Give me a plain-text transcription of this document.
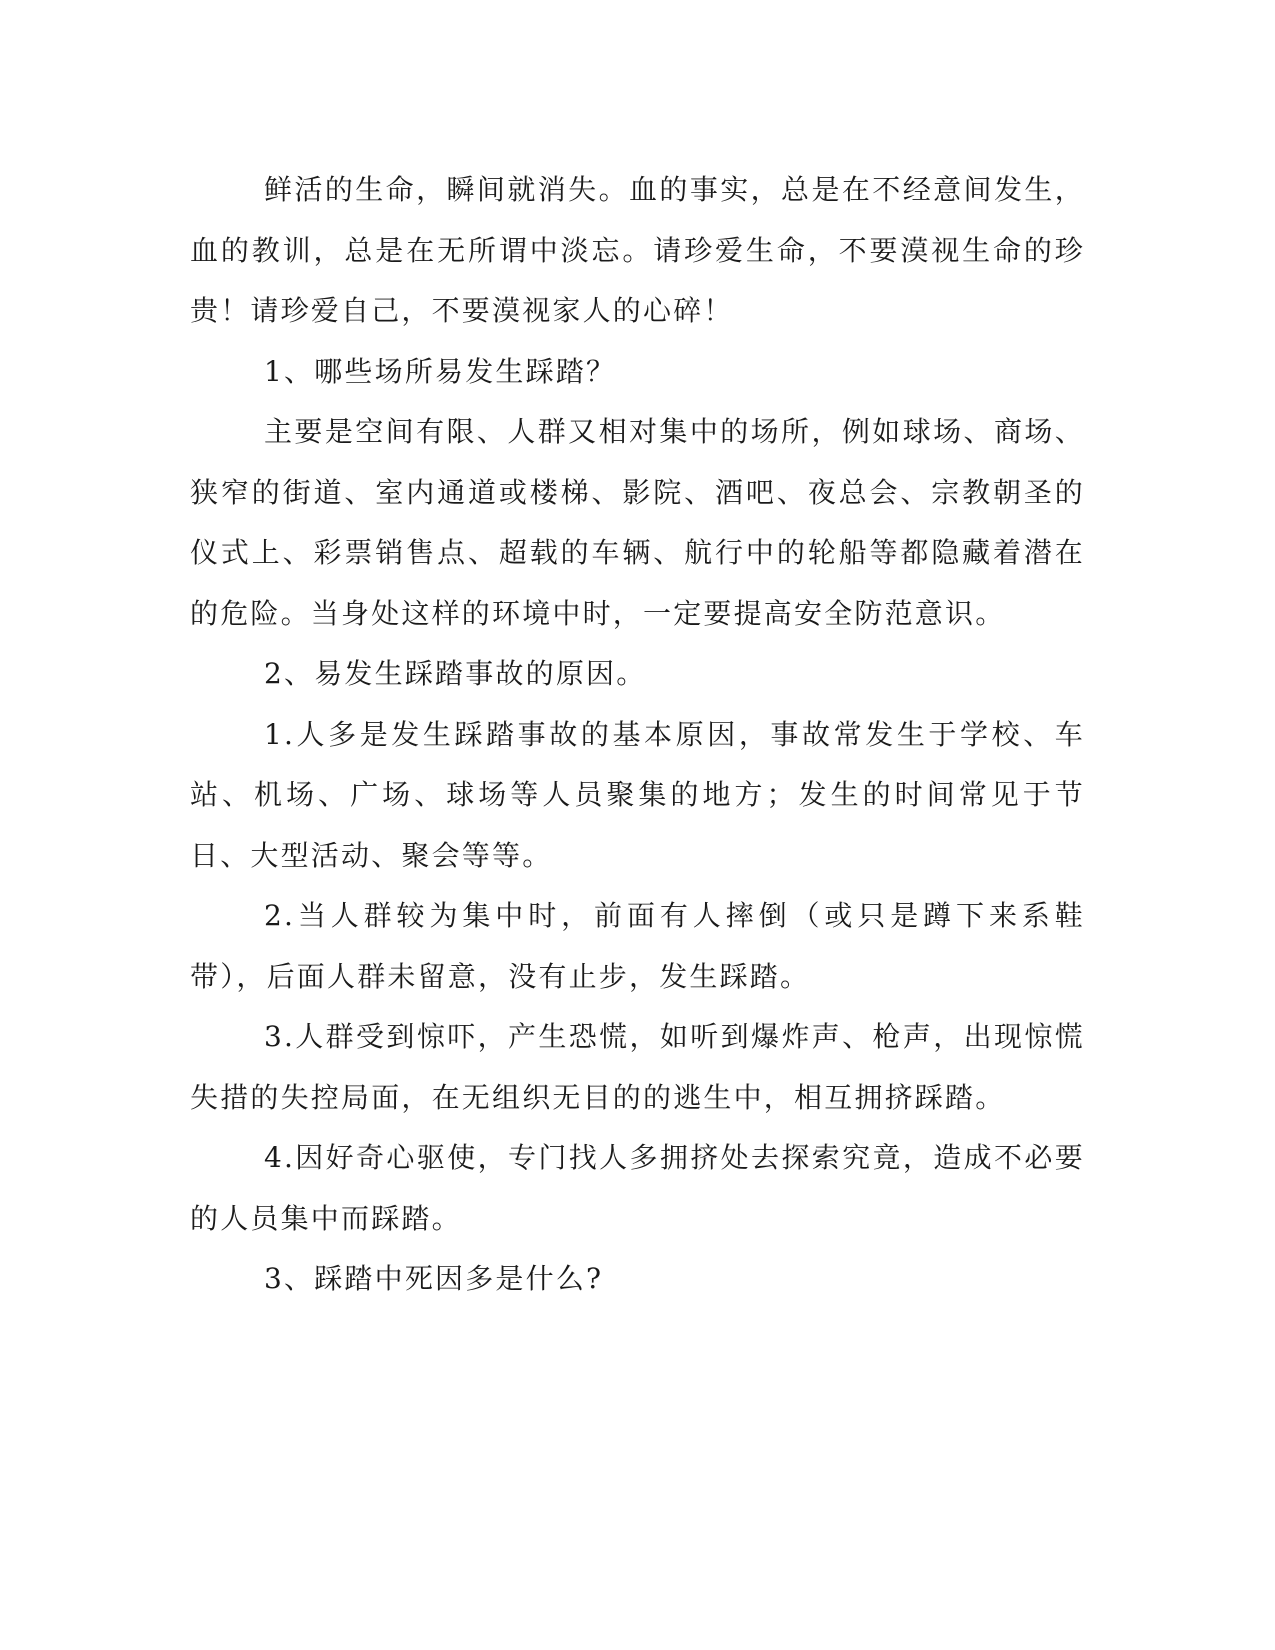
鲜活的生命，瞬间就消失。血的事实，总是在不经意间发生，血的教训，总是在无所谓中淡忘。请珍爱生命，不要漠视生命的珍贵！请珍爱自己，不要漠视家人的心碎！

1、哪些场所易发生踩踏？

主要是空间有限、人群又相对集中的场所，例如球场、商场、狭窄的街道、室内通道或楼梯、影院、酒吧、夜总会、宗教朝圣的仪式上、彩票销售点、超载的车辆、航行中的轮船等都隐藏着潜在的危险。当身处这样的环境中时，一定要提高安全防范意识。

2、易发生踩踏事故的原因。

1.人多是发生踩踏事故的基本原因，事故常发生于学校、车站、机场、广场、球场等人员聚集的地方；发生的时间常见于节日、大型活动、聚会等等。

2.当人群较为集中时，前面有人摔倒（或只是蹲下来系鞋带），后面人群未留意，没有止步，发生踩踏。

3.人群受到惊吓，产生恐慌，如听到爆炸声、枪声，出现惊慌失措的失控局面，在无组织无目的的逃生中，相互拥挤踩踏。

4.因好奇心驱使，专门找人多拥挤处去探索究竟，造成不必要的人员集中而踩踏。

3、踩踏中死因多是什么?
